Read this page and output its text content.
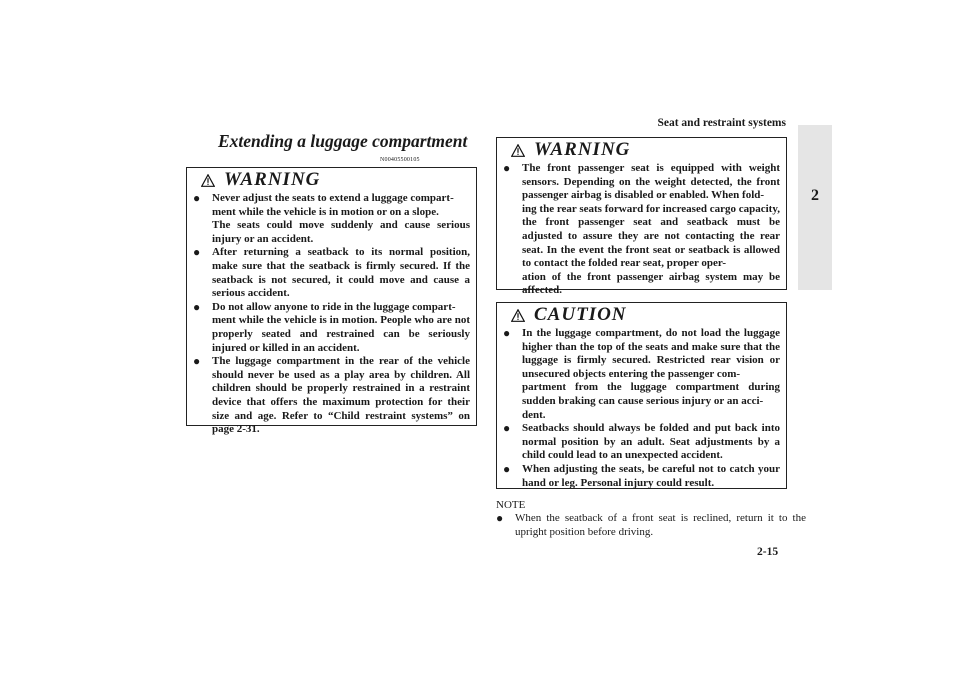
Seat and restraint systems
2
Extending a luggage compartment
N00405500105
WARNING
● Never adjust the seats to extend a luggage compart-
ment while the vehicle is in motion or on a slope.
The seats could move suddenly and cause serious injury or an accident.
● After returning a seatback to its normal position, make sure that the seatback is firmly secured. If the seatback is not secured, it could move and cause a serious accident.
● Do not allow anyone to ride in the luggage compart-
ment while the vehicle is in motion. People who are not properly seated and restrained can be seriously injured or killed in an accident.
● The luggage compartment in the rear of the vehicle should never be used as a play area by children. All children should be properly restrained in a restraint device that offers the maximum protection for their size and age. Refer to “Child restraint systems” on page 2-31.
WARNING
● The front passenger seat is equipped with weight sensors. Depending on the weight detected, the front passenger airbag is disabled or enabled. When fold-
ing the rear seats forward for increased cargo capacity, the front passenger seat and seatback must be adjusted to assure they are not contacting the rear seat. In the event the front seat or seatback is allowed to contact the folded rear seat, proper oper-
ation of the front passenger airbag system may be affected.
CAUTION
● In the luggage compartment, do not load the luggage higher than the top of the seats and make sure that the luggage is firmly secured. Restricted rear vision or unsecured objects entering the passenger com-
partment from the luggage compartment during sudden braking can cause serious injury or an acci-
dent.
● Seatbacks should always be folded and put back into normal position by an adult. Seat adjustments by a child could lead to an unexpected accident.
● When adjusting the seats, be careful not to catch your hand or leg. Personal injury could result.
NOTE
● When the seatback of a front seat is reclined, return it to the upright position before driving.
2-15
